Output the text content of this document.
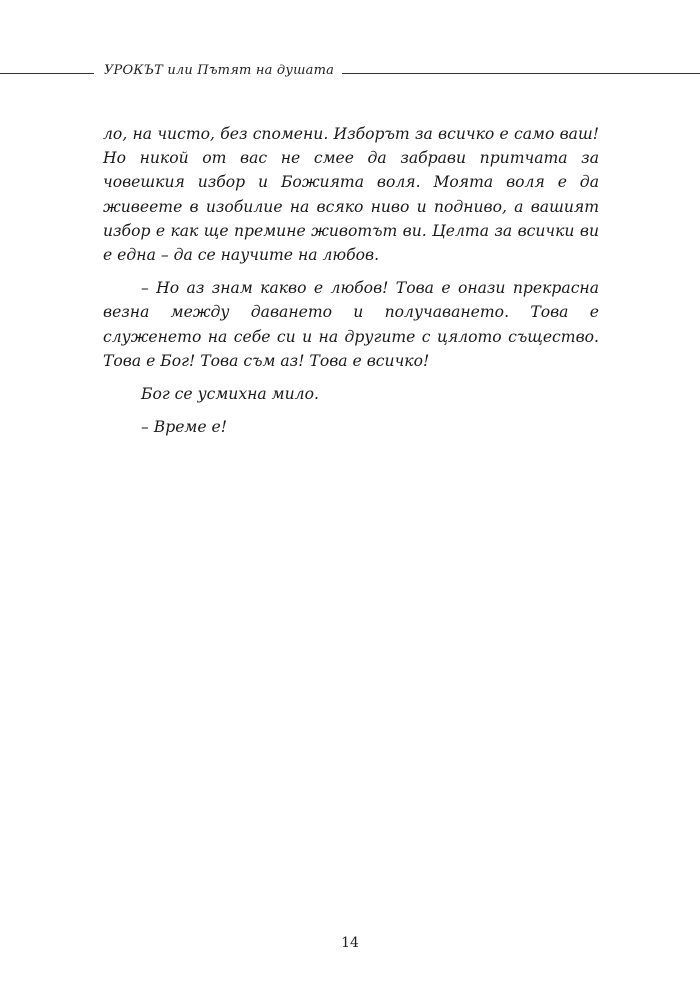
УРОКЪТ или Пътят на душата

ло, на чисто, без спомени. Изборът за всичко е само ваш! Но никой от вас не смее да забрави притчата за човешкия избор и Божията воля. Моята воля е да живеете в изобилие на всяко ниво и подниво, а вашият избор е как ще премине животът ви. Целта за всички ви е една – да се научите на любов.

– Но аз знам какво е любов! Това е онази прекрасна везна между даването и получаването. Това е служенето на себе си и на другите с цялото същество. Това е Бог! Това съм аз! Това е всичко!

Бог се усмихна мило.

– Време е!

14
